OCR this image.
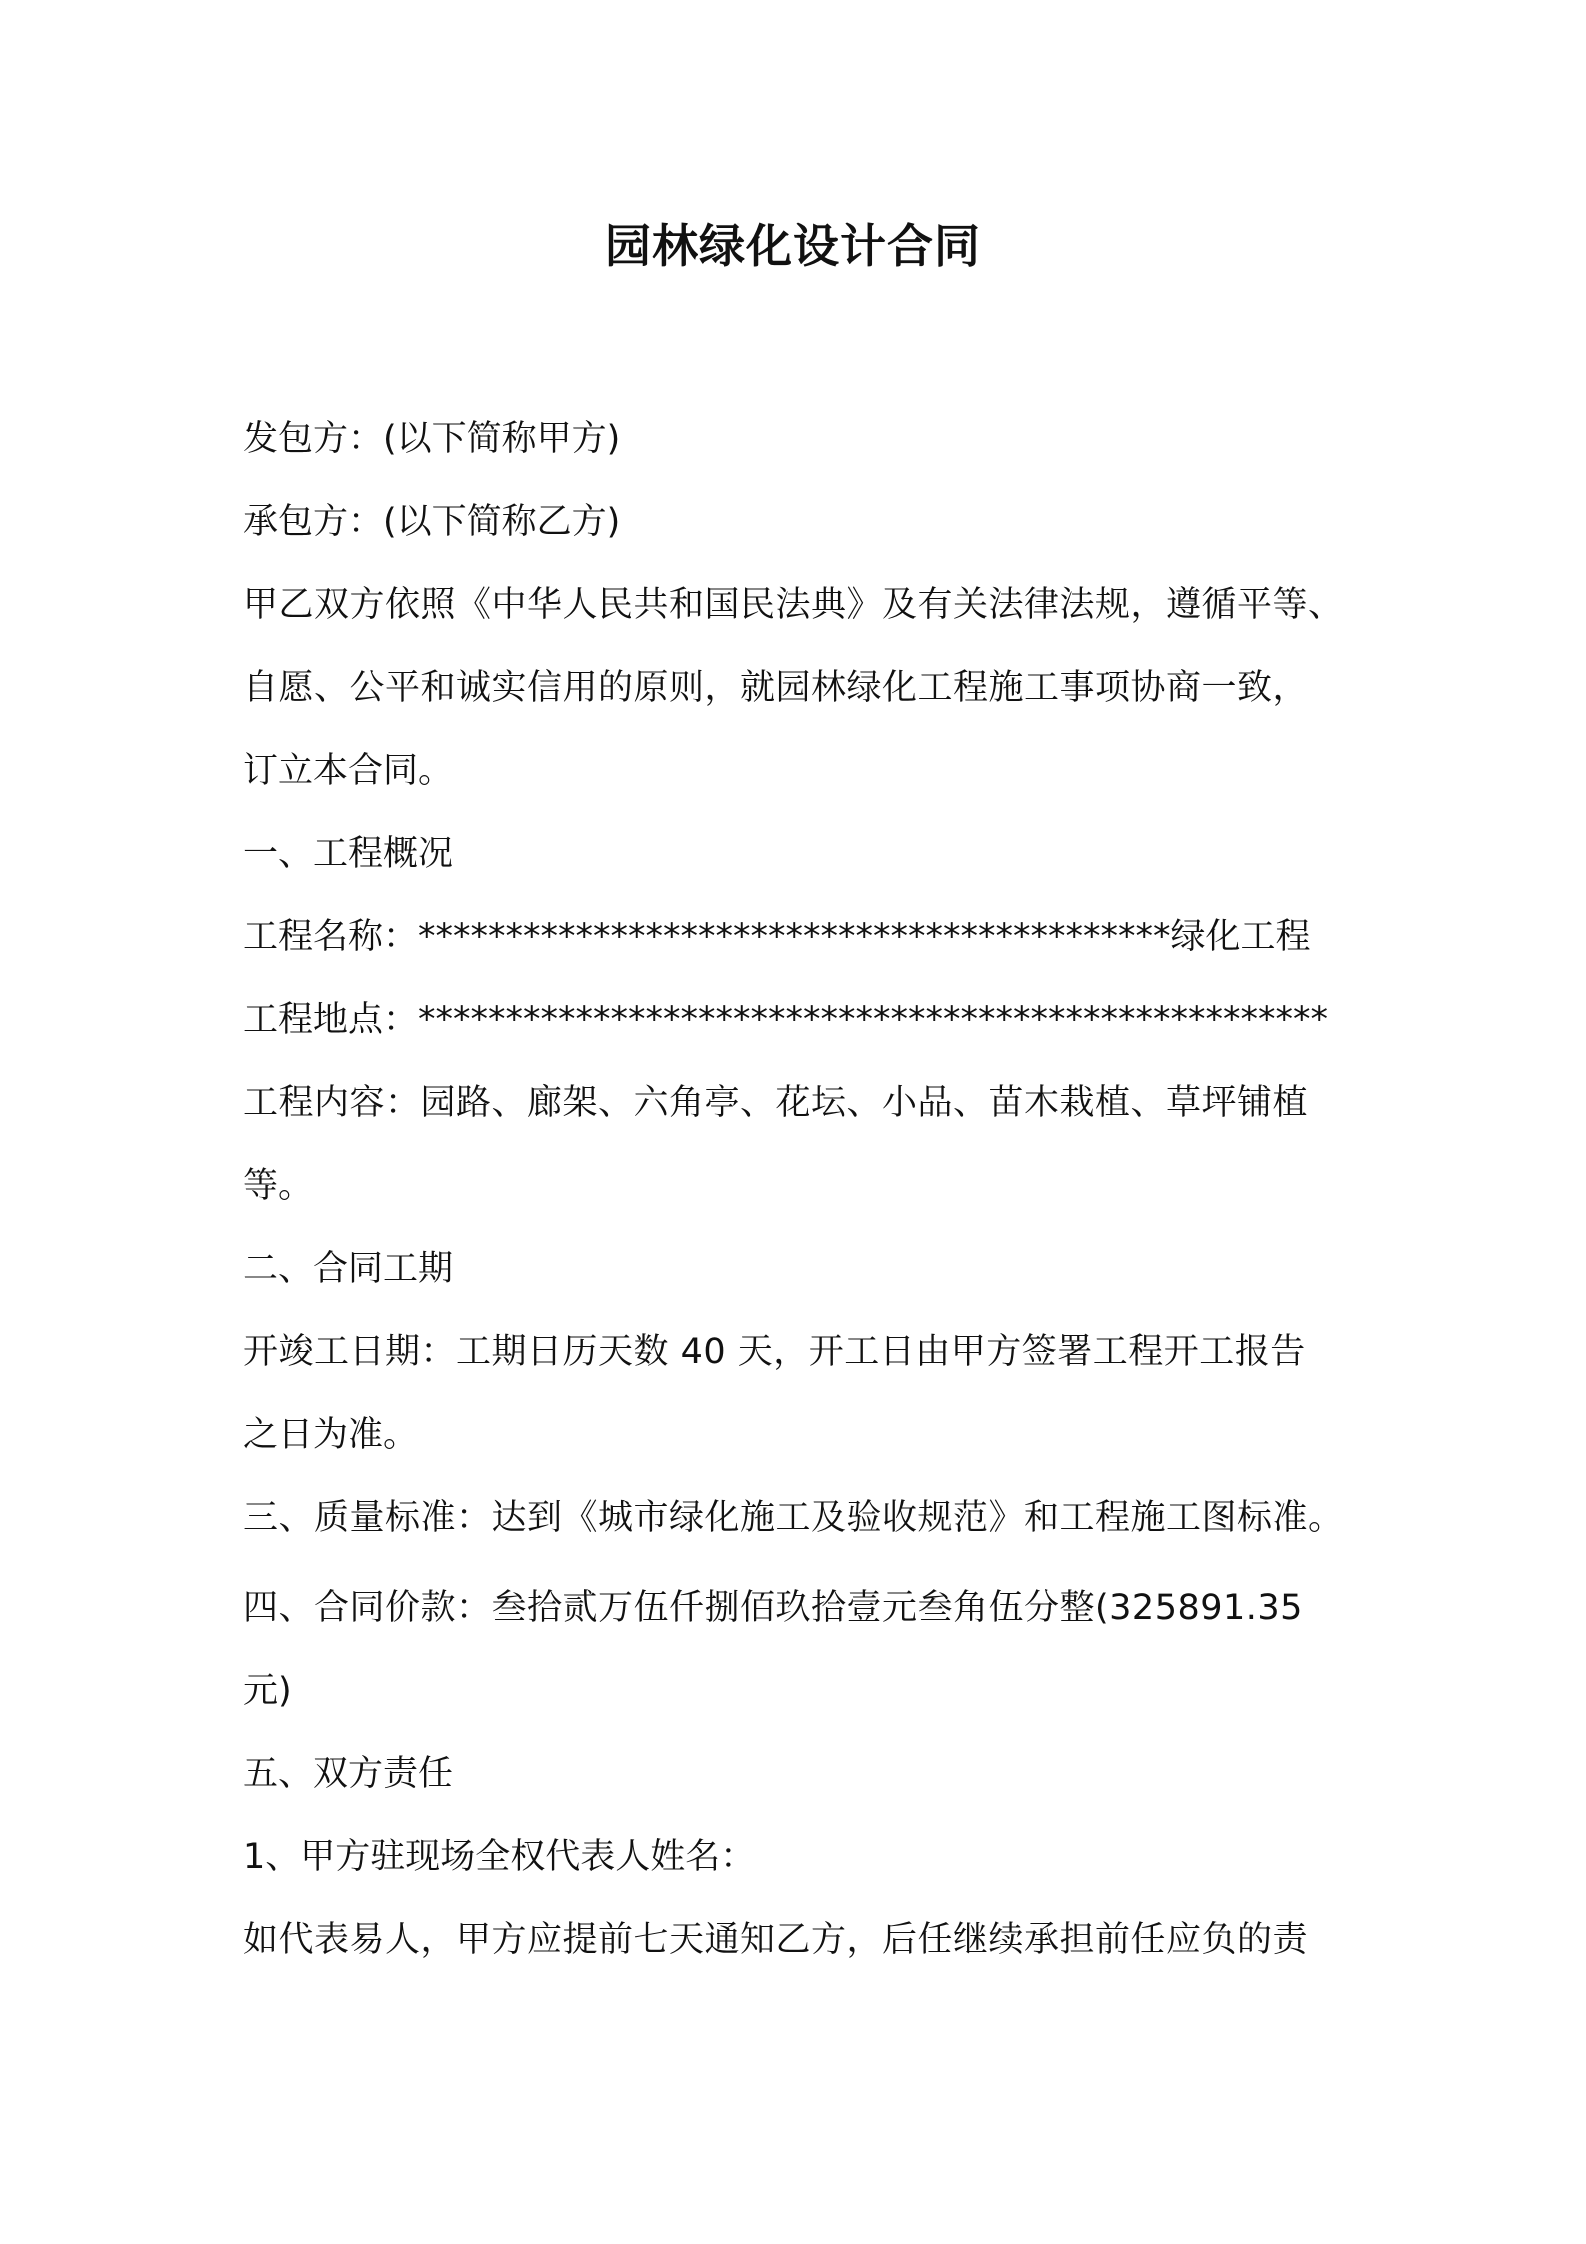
园林绿化设计合同
发包方：(以下简称甲方)
承包方：(以下简称乙方)
甲乙双方依照《中华人民共和国民法典》及有关法律法规，遵循平等、
自愿、公平和诚实信用的原则，就园林绿化工程施工事项协商一致，
订立本合同。
一、工程概况
工程名称：*******************************************绿化工程
工程地点：****************************************************
工程内容：园路、廊架、六角亭、花坛、小品、苗木栽植、草坪铺植
等。
二、合同工期
开竣工日期：工期日历天数 40 天，开工日由甲方签署工程开工报告
之日为准。
三、质量标准：达到《城市绿化施工及验收规范》和工程施工图标准。
四、合同价款：叁拾贰万伍仟捌佰玖拾壹元叁角伍分整(325891.35
元)
五、双方责任
1、甲方驻现场全权代表人姓名：
如代表易人，甲方应提前七天通知乙方，后任继续承担前任应负的责
